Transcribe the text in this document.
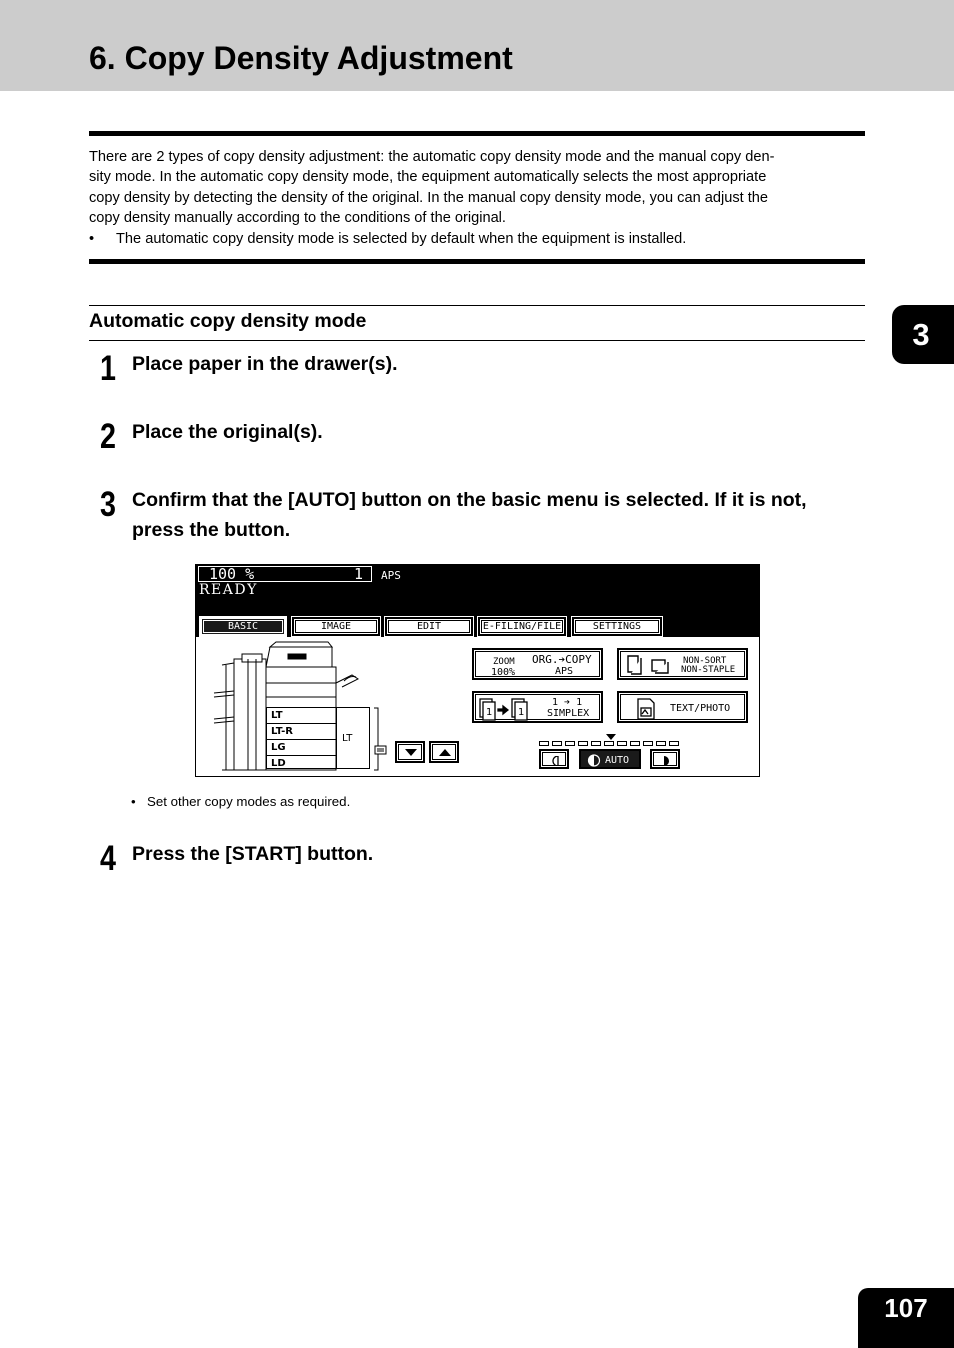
6. Copy Density Adjustment

There are 2 types of copy density adjustment: the automatic copy density mode and the manual copy den-

sity mode. In the automatic copy density mode, the equipment automatically selects the most appropriate

copy density by detecting the density of the original. In the manual copy density mode, you can adjust the

copy density manually according to the conditions of the original.

•	The automatic copy density mode is selected by default when the equipment is installed.

Automatic copy density mode	3
1 Place paper in the drawer(s).
2 Place the original(s).
3 Confirm that the [AUTO] button on the basic menu is selected. If it is not, press the button.
100 %	1 APS
READY
BASIC	IMAGE	EDIT	E-FILING/FILE	SETTINGS
LT
LT-R
LG
LD
LT
ZOOM
100%
ORG.➔COPY
APS
NON-SORT
NON-STAPLE
1	1
1 ➔ 1
SIMPLEX	TEXT/PHOTO
AUTO
• Set other copy modes as required.
4 Press the [START] button.
107
